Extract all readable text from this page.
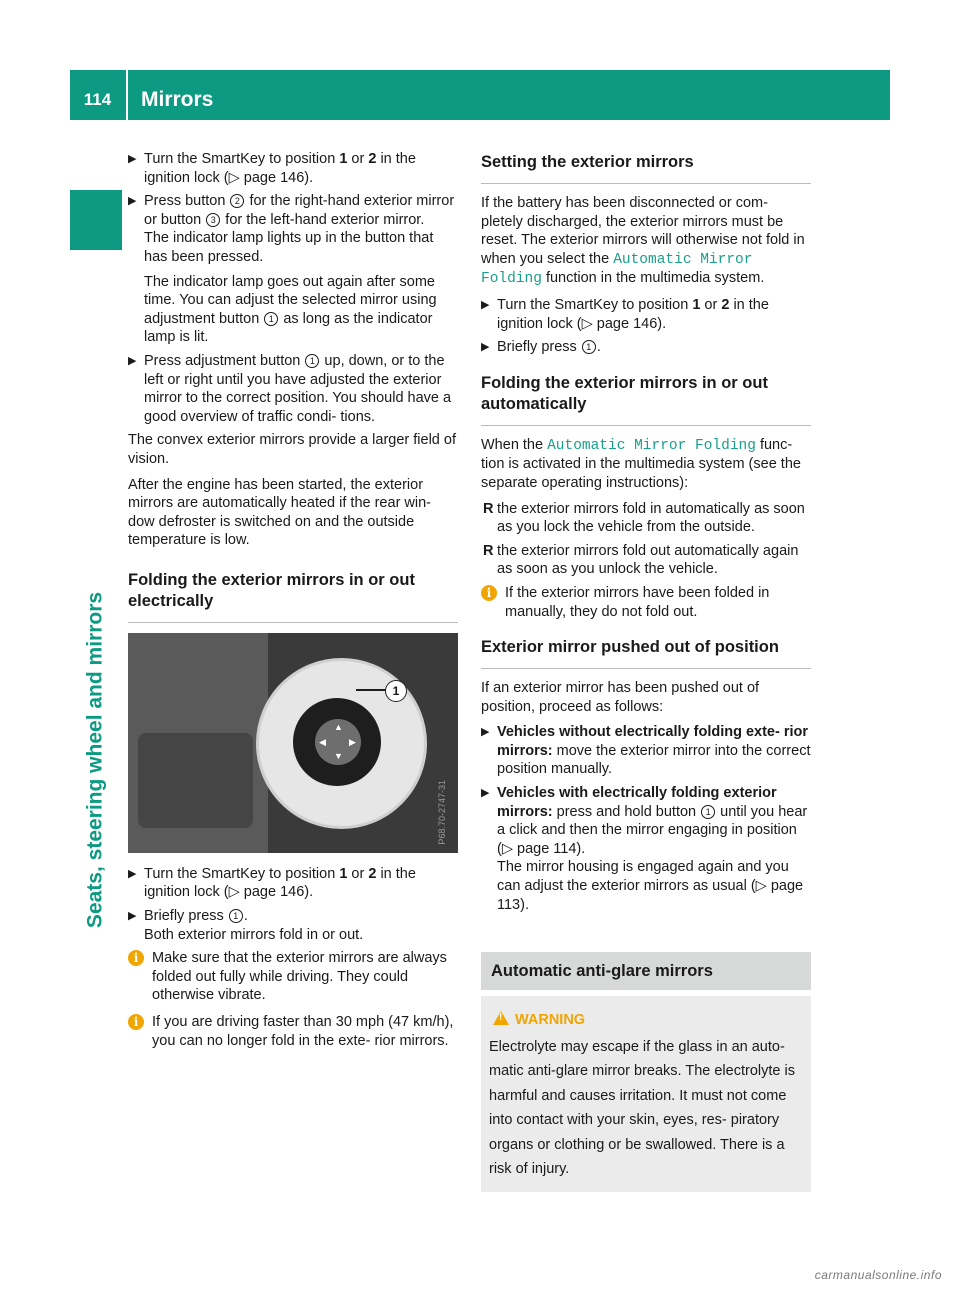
114	Mirrors
Seats, steering wheel and mirrors
▶ Turn the SmartKey to position 1 or 2 in the ignition lock (▷ page 146).
▶ Press button 2 for the right-hand exterior mirror or button 3 for the left-hand exterior mirror.
The indicator lamp lights up in the button that has been pressed.
The indicator lamp goes out again after some time. You can adjust the selected mirror using adjustment button 1 as long as the indicator lamp is lit.
▶ Press adjustment button 1 up, down, or to the left or right until you have adjusted the exterior mirror to the correct position. You should have a good overview of traffic condi- tions.

The convex exterior mirrors provide a larger field of vision.

After the engine has been started, the exterior mirrors are automatically heated if the rear win- dow defroster is switched on and the outside temperature is low.

Folding the exterior mirrors in or out electrically
▲
▼
◀	▶
1
P68.70-2747-31
▶ Turn the SmartKey to position 1 or 2 in the ignition lock (▷ page 146).
▶ Briefly press 1 .
Both exterior mirrors fold in or out.
i Make sure that the exterior mirrors are always folded out fully while driving. They could otherwise vibrate.
i If you are driving faster than 30 mph (47 km/h), you can no longer fold in the exte- rior mirrors.
Setting the exterior mirrors

If the battery has been disconnected or com- pletely discharged, the exterior mirrors must be reset. The exterior mirrors will otherwise not fold in when you select the Automatic Mirror Folding function in the multimedia system.

▶ Turn the SmartKey to position 1 or 2 in the ignition lock (▷ page 146).
▶ Briefly press 1 .
Folding the exterior mirrors in or out automatically

When the Automatic Mirror Folding func- tion is activated in the multimedia system (see the separate operating instructions):

R the exterior mirrors fold in automatically as soon as you lock the vehicle from the outside.
R the exterior mirrors fold out automatically again as soon as you unlock the vehicle.
i If the exterior mirrors have been folded in manually, they do not fold out.
Exterior mirror pushed out of position

If an exterior mirror has been pushed out of position, proceed as follows:

▶ Vehicles without electrically folding exte- rior mirrors: move the exterior mirror into the correct position manually.
▶ Vehicles with electrically folding exterior mirrors: press and hold button 1 until you hear a click and then the mirror engaging in position (▷ page 114).
The mirror housing is engaged again and you can adjust the exterior mirrors as usual (▷ page 113).
Automatic anti-glare mirrors
!WARNING
Electrolyte may escape if the glass in an auto- matic anti-glare mirror breaks. The electrolyte is harmful and causes irritation. It must not come into contact with your skin, eyes, res- piratory organs or clothing or be swallowed. There is a risk of injury.
carmanualsonline.info
